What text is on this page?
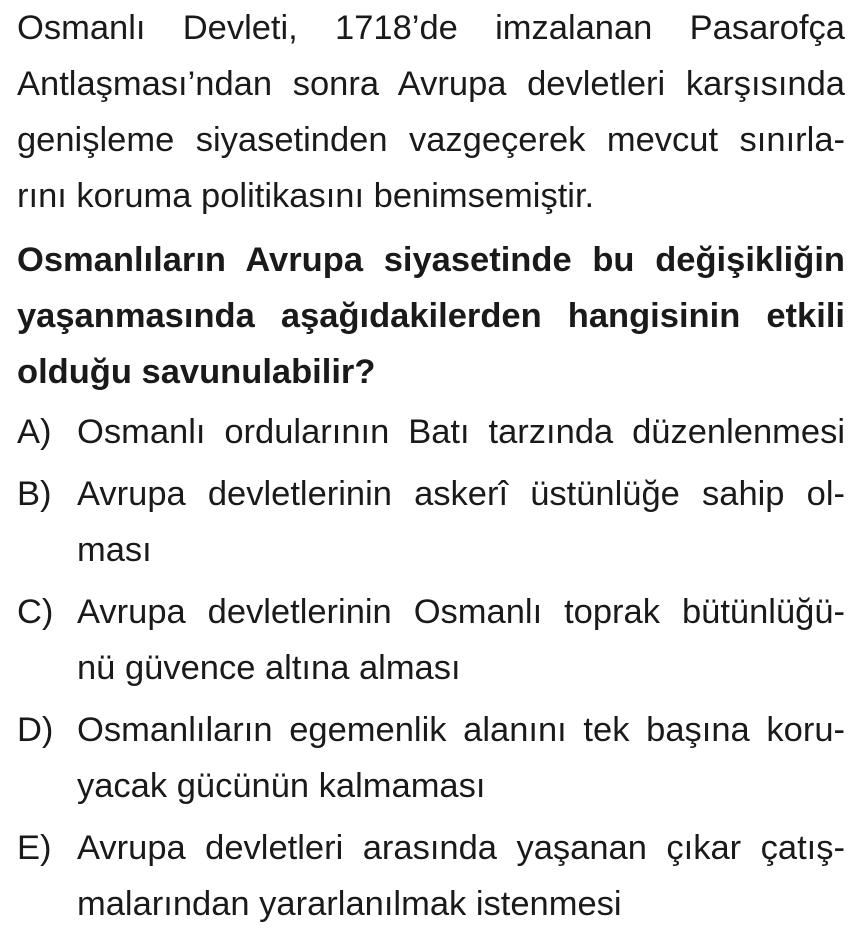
Osmanlı Devleti, 1718’de imzalanan Pasarofça
Antlaşması’ndan sonra Avrupa devletleri karşısında
genişleme siyasetinden vazgeçerek mevcut sınırla-
rını koruma politikasını benimsemiştir.
Osmanlıların Avrupa siyasetinde bu değişikliğin
yaşanmasında aşağıdakilerden hangisinin etkili
olduğu savunulabilir?
A) Osmanlı ordularının Batı tarzında düzenlenmesi
B) Avrupa devletlerinin askerî üstünlüğe sahip ol-
ması
C) Avrupa devletlerinin Osmanlı toprak bütünlüğü-
nü güvence altına alması
D) Osmanlıların egemenlik alanını tek başına koru-
yacak gücünün kalmaması
E) Avrupa devletleri arasında yaşanan çıkar çatış-
malarından yararlanılmak istenmesi
